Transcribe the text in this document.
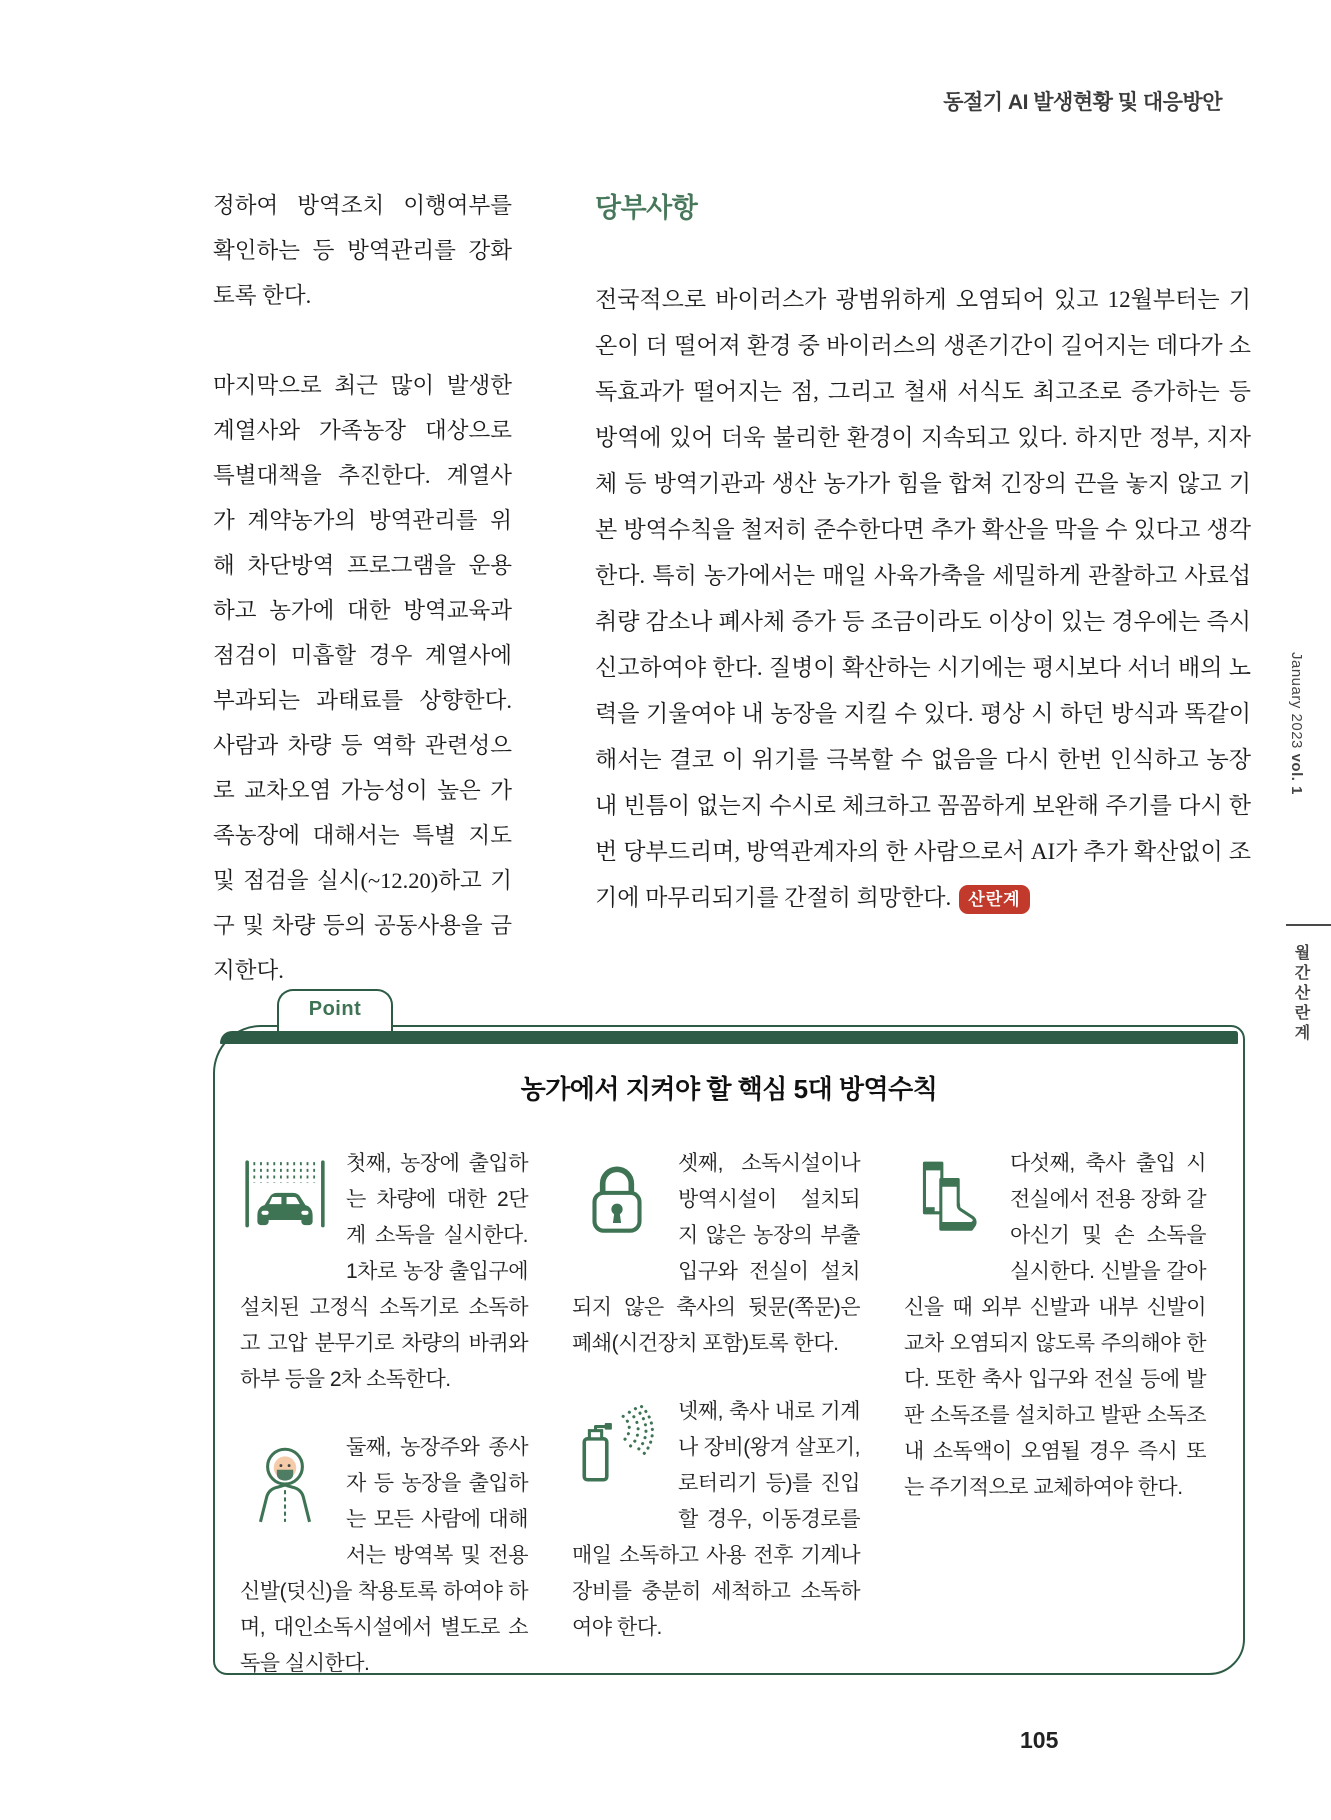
동절기 AI 발생현황 및 대응방안

정하여 방역조치 이행여부를 확인하는 등 방역관리를 강화토록 한다.

마지막으로 최근 많이 발생한 계열사와 가족농장 대상으로 특별대책을 추진한다. 계열사가 계약농가의 방역관리를 위해 차단방역 프로그램을 운용하고 농가에 대한 방역교육과 점검이 미흡할 경우 계열사에 부과되는 과태료를 상향한다. 사람과 차량 등 역학 관련성으로 교차오염 가능성이 높은 가족농장에 대해서는 특별 지도 및 점검을 실시(~12.20)하고 기구 및 차량 등의 공동사용을 금지한다.

당부사항

전국적으로 바이러스가 광범위하게 오염되어 있고 12월부터는 기온이 더 떨어져 환경 중 바이러스의 생존기간이 길어지는 데다가 소독효과가 떨어지는 점, 그리고 철새 서식도 최고조로 증가하는 등 방역에 있어 더욱 불리한 환경이 지속되고 있다. 하지만 정부, 지자체 등 방역기관과 생산 농가가 힘을 합쳐 긴장의 끈을 놓지 않고 기본 방역수칙을 철저히 준수한다면 추가 확산을 막을 수 있다고 생각한다. 특히 농가에서는 매일 사육가축을 세밀하게 관찰하고 사료섭취량 감소나 폐사체 증가 등 조금이라도 이상이 있는 경우에는 즉시 신고하여야 한다. 질병이 확산하는 시기에는 평시보다 서너 배의 노력을 기울여야 내 농장을 지킬 수 있다. 평상 시 하던 방식과 똑같이 해서는 결코 이 위기를 극복할 수 없음을 다시 한번 인식하고 농장 내 빈틈이 없는지 수시로 체크하고 꼼꼼하게 보완해 주기를 다시 한번 당부드리며, 방역관계자의 한 사람으로서 AI가 추가 확산없이 조기에 마무리되기를 간절히 희망한다. 산란계

January 2023 vol. 1
월간산란계
Point
농가에서 지켜야 할 핵심 5대 방역수칙
첫째, 농장에 출입하는 차량에 대한 2단계 소독을 실시한다. 1차로 농장 출입구에 설치된 고정식 소독기로 소독하고 고압 분무기로 차량의 바퀴와 하부 등을 2차 소독한다.
둘째, 농장주와 종사자 등 농장을 출입하는 모든 사람에 대해서는 방역복 및 전용신발(덧신)을 착용토록 하여야 하며, 대인소독시설에서 별도로 소독을 실시한다.
셋째, 소독시설이나 방역시설이 설치되지 않은 농장의 부출입구와 전실이 설치되지 않은 축사의 뒷문(쪽문)은 폐쇄(시건장치 포함)토록 한다.
넷째, 축사 내로 기계나 장비(왕겨 살포기, 로터리기 등)를 진입할 경우, 이동경로를 매일 소독하고 사용 전후 기계나 장비를 충분히 세척하고 소독하여야 한다.
다섯째, 축사 출입 시 전실에서 전용 장화 갈아신기 및 손 소독을 실시한다. 신발을 갈아 신을 때 외부 신발과 내부 신발이 교차 오염되지 않도록 주의해야 한다. 또한 축사 입구와 전실 등에 발판 소독조를 설치하고 발판 소독조 내 소독액이 오염될 경우 즉시 또는 주기적으로 교체하여야 한다.
105
